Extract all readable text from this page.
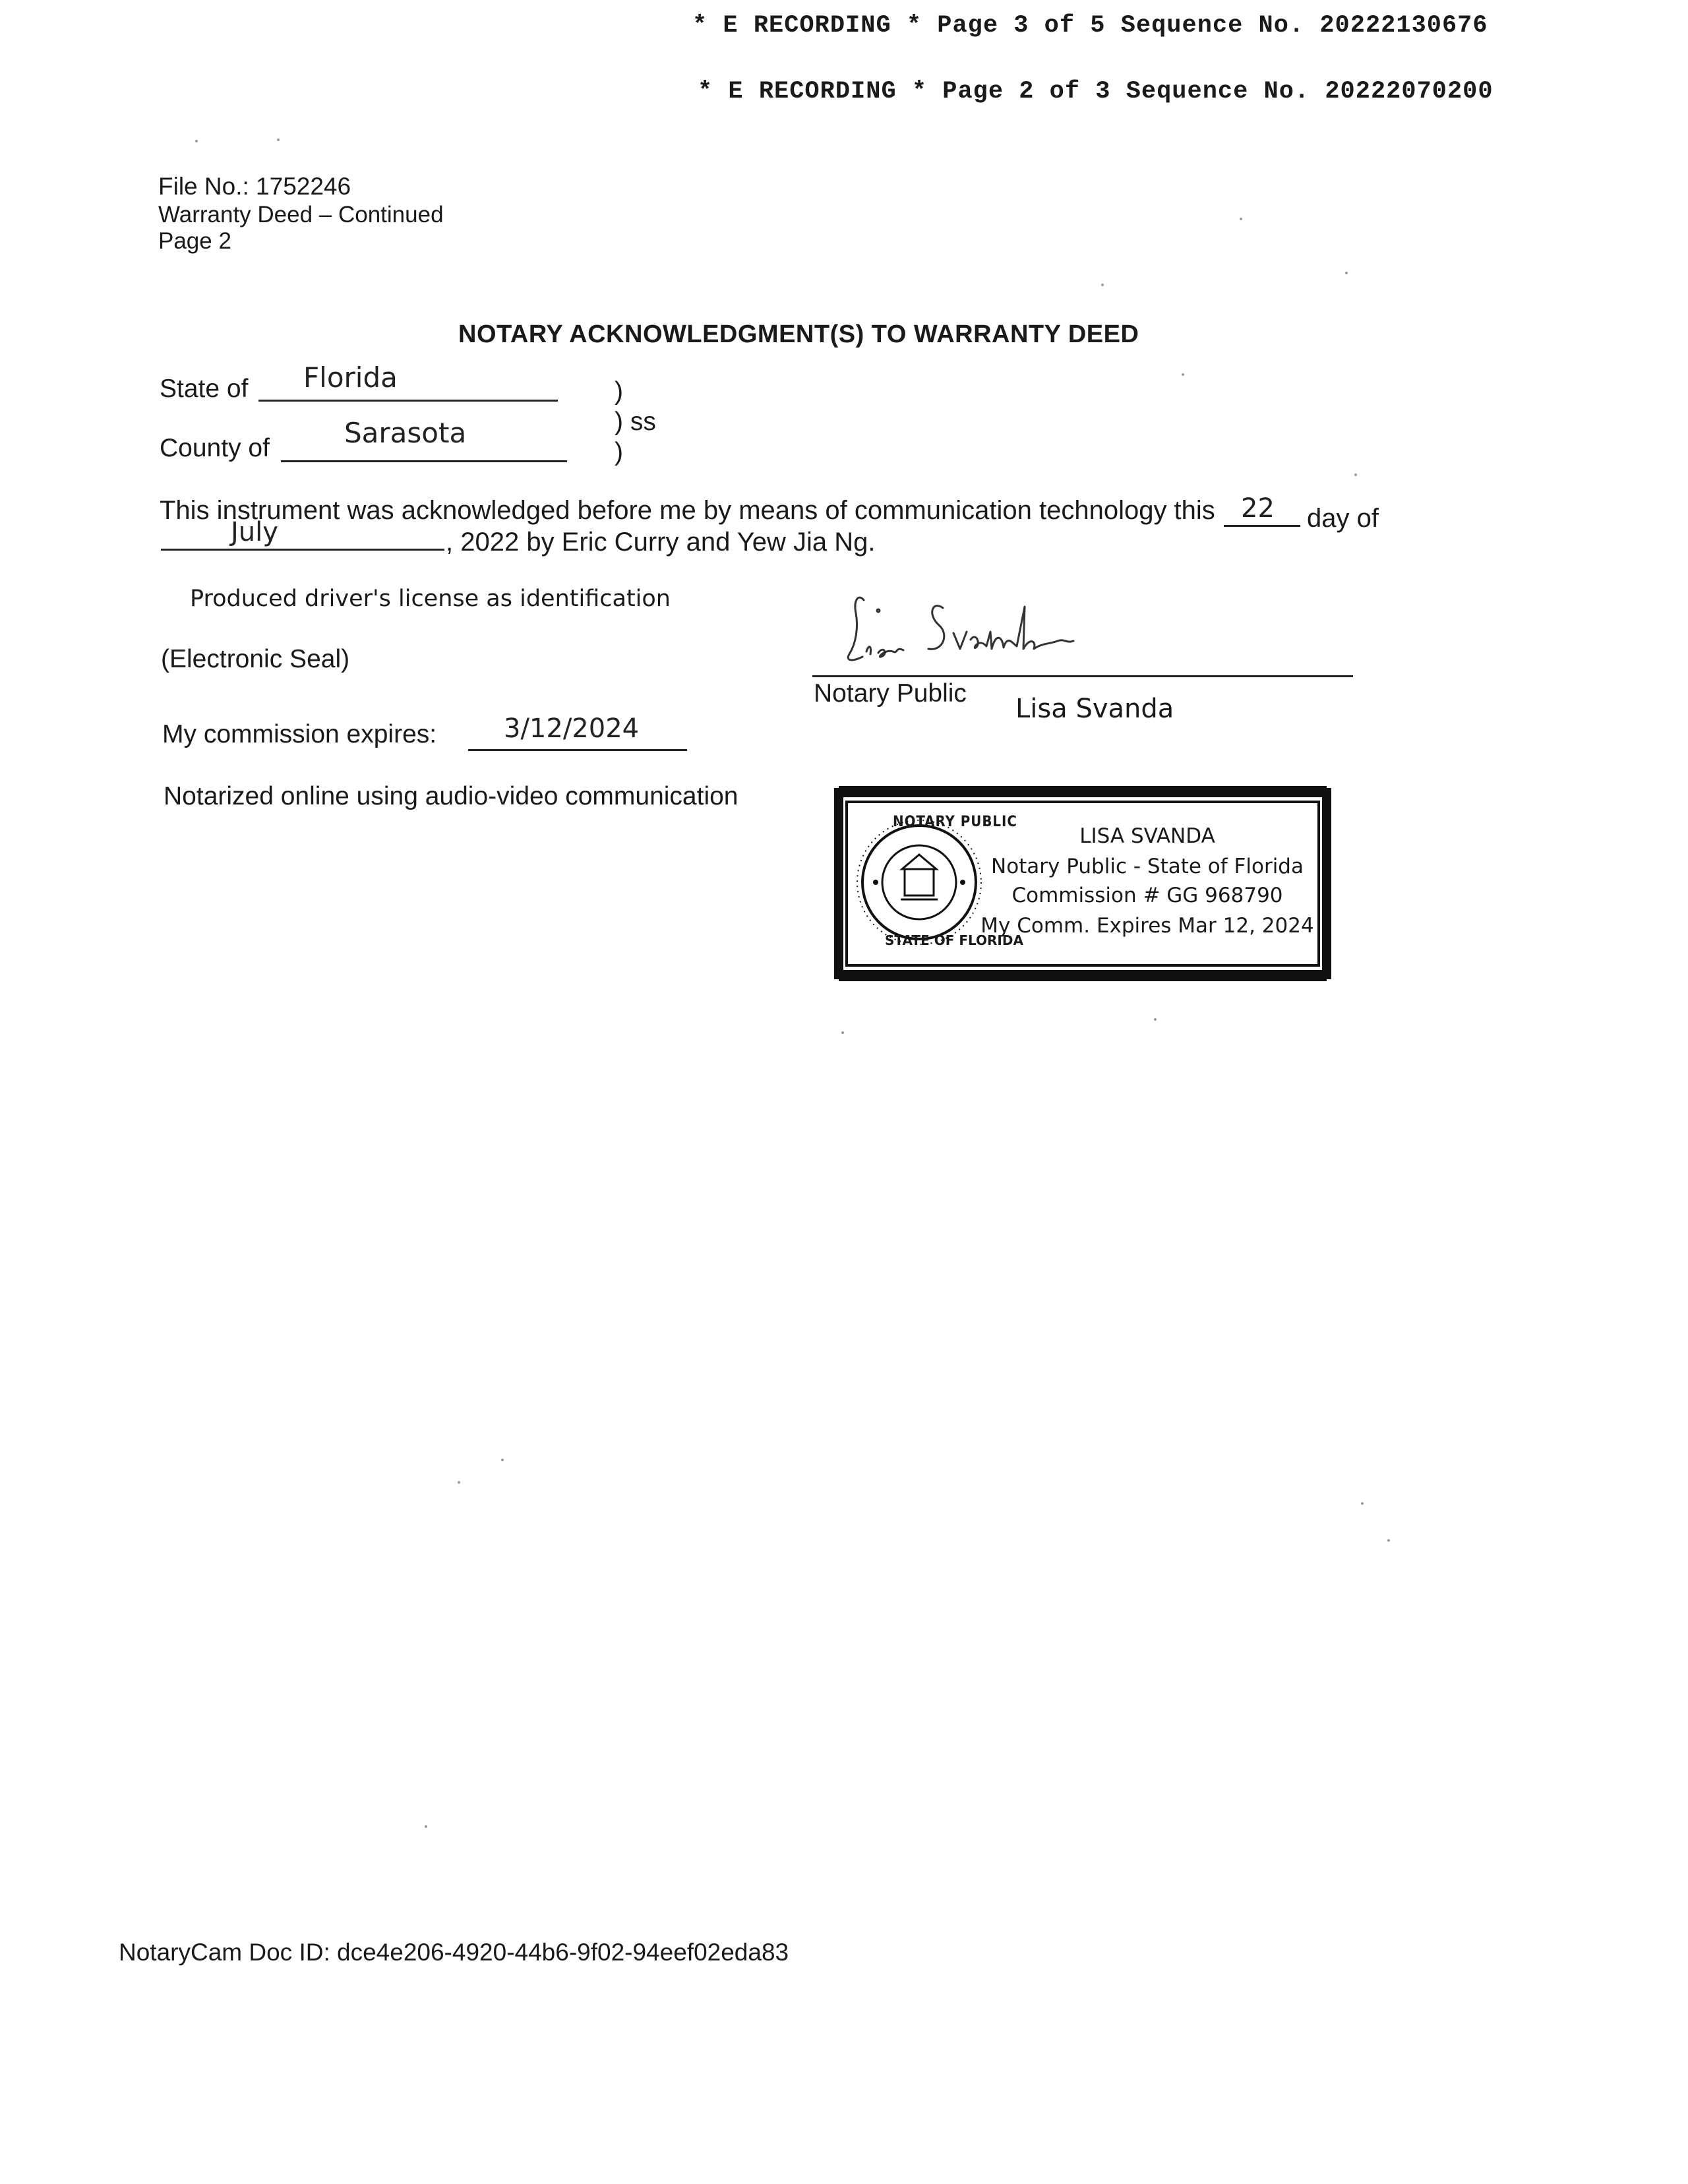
* E RECORDING * Page 3 of 5 Sequence No. 20222130676
* E RECORDING * Page 2 of 3 Sequence No. 20222070200
File No.: 1752246
Warranty Deed – Continued
Page 2
NOTARY ACKNOWLEDGMENT(S) TO WARRANTY DEED
State of Florida
County of	Sarasota
)
) ss
)
This instrument was acknowledged before me by means of communication technology this 22 day of
July	, 2022 by Eric Curry and Yew Jia Ng.
Produced driver's license as identification
(Electronic Seal)
My commission expires:	3/12/2024
Notarized online using audio-video communication
Notary Public
Lisa Svanda
NOTARY PUBLIC
STATE OF FLORIDA
LISA SVANDA
Notary Public - State of Florida
Commission # GG 968790
My Comm. Expires Mar 12, 2024
NotaryCam Doc ID: dce4e206-4920-44b6-9f02-94eef02eda83
